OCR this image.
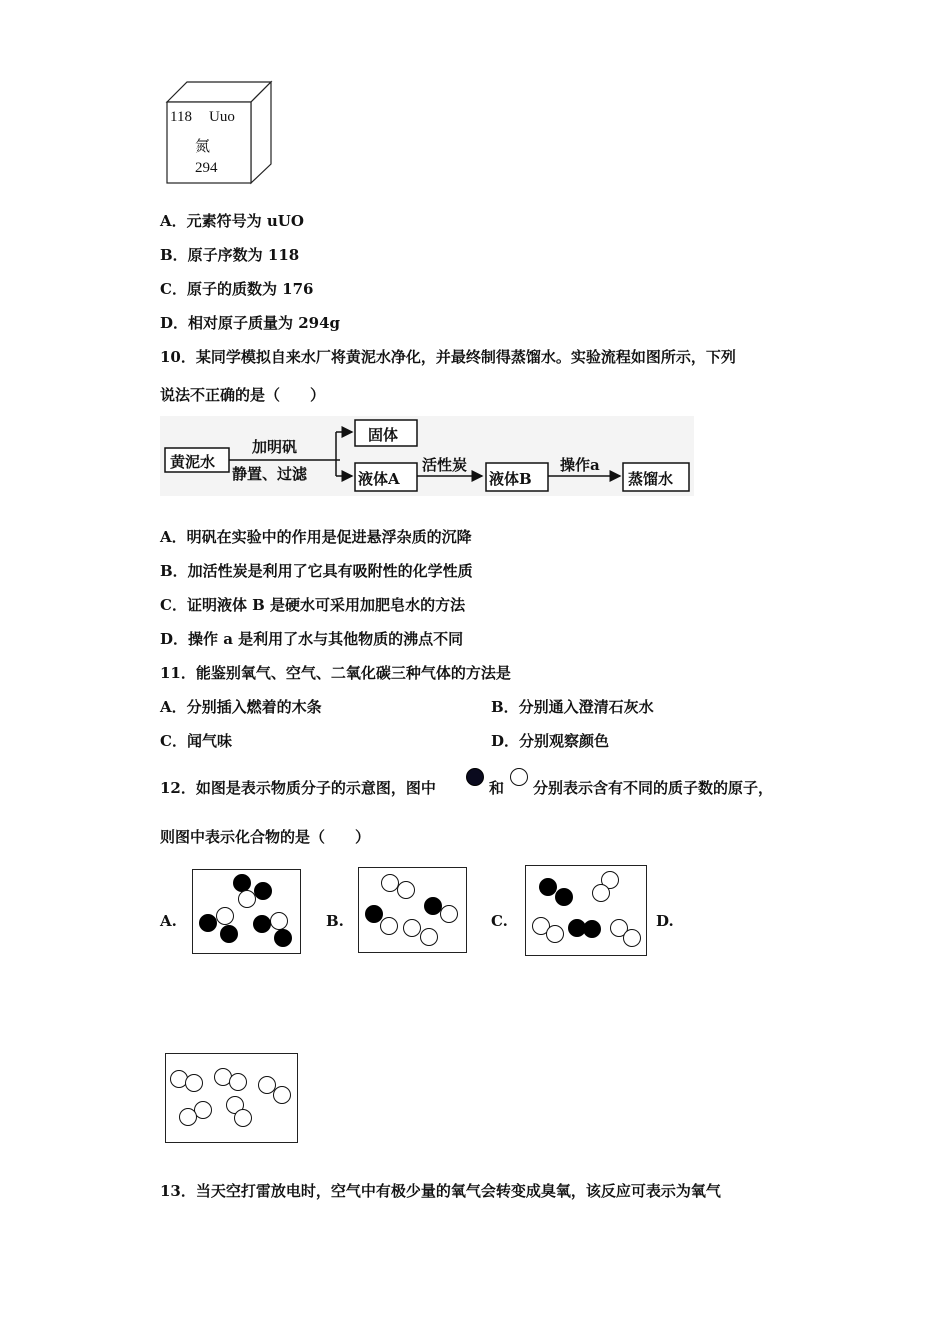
118 Uuo
氮
294
A．元素符号为 uUO
B．原子序数为 118
C．原子的质数为 176
D．相对原子质量为 294g
10．某同学模拟自来水厂将黄泥水净化，并最终制得蒸馏水。实验流程如图所示，下列
说法不正确的是（　　）
黄泥水
加明矾
静置、过滤
固体
液体A
活性炭
液体B
操作a
蒸馏水
A．明矾在实验中的作用是促进悬浮杂质的沉降
B．加活性炭是利用了它具有吸附性的化学性质
C．证明液体 B 是硬水可采用加肥皂水的方法
D．操作 a 是利用了水与其他物质的沸点不同
11．能鉴别氧气、空气、二氧化碳三种气体的方法是
A．分别插入燃着的木条	B．分别通入澄清石灰水
C．闻气味	D．分别观察颜色
12．如图是表示物质分子的示意图，图中	和 分别表示含有不同的质子数的原子，
则图中表示化合物的是（　　）
A.	B.	C.	D.
13．当天空打雷放电时，空气中有极少量的氧气会转变成臭氧，该反应可表示为氧气
